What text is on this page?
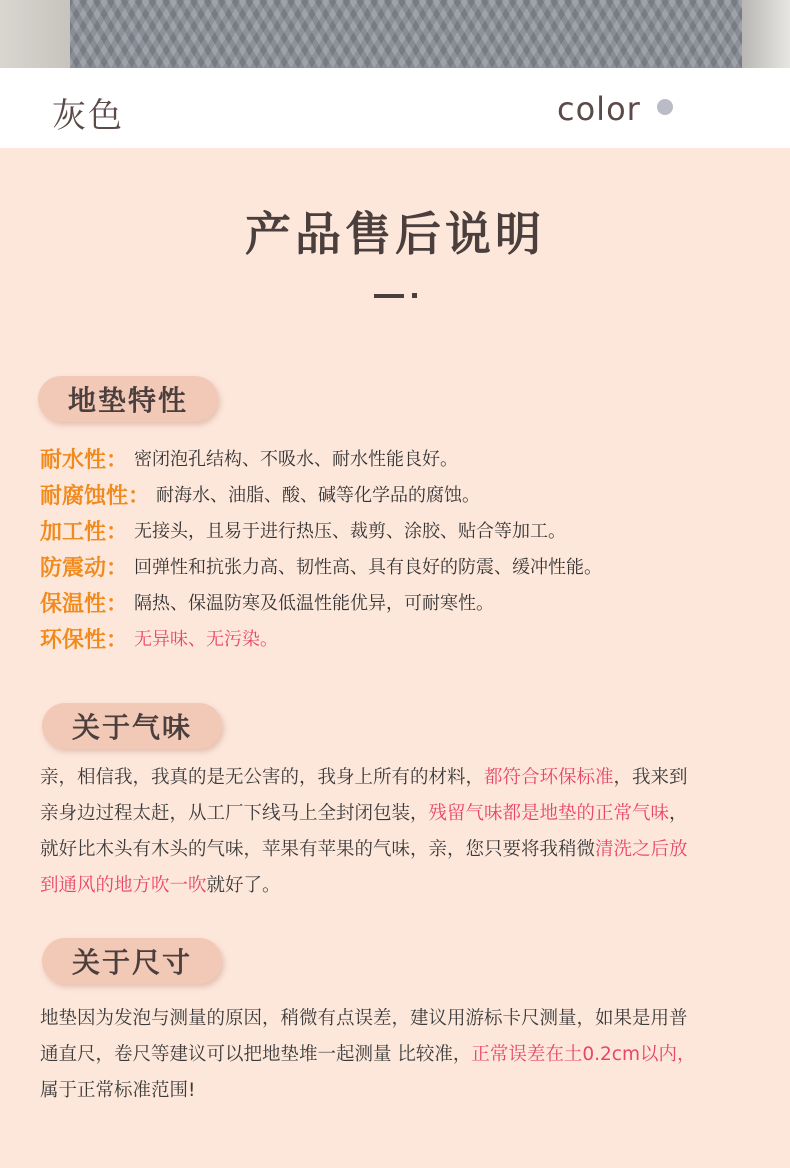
灰色	color
产品售后说明
地垫特性
耐水性： 密闭泡孔结构、不吸水、耐水性能良好。
耐腐蚀性： 耐海水、油脂、酸、碱等化学品的腐蚀。
加工性： 无接头，且易于进行热压、裁剪、涂胶、贴合等加工。
防震动： 回弹性和抗张力高、韧性高、具有良好的防震、缓冲性能。
保温性： 隔热、保温防寒及低温性能优异，可耐寒性。
环保性： 无异味、无污染。
关于气味
亲，相信我，我真的是无公害的，我身上所有的材料，都符合环保标准，我来到
亲身边过程太赶，从工厂下线马上全封闭包装，残留气味都是地垫的正常气味，
就好比木头有木头的气味，苹果有苹果的气味，亲，您只要将我稍微清洗之后放
到通风的地方吹一吹就好了。
关于尺寸
地垫因为发泡与测量的原因，稍微有点误差，建议用游标卡尺测量，如果是用普
通直尺，卷尺等建议可以把地垫堆一起测量 比较准，正常误差在土0.2cm以内，
属于正常标准范围!
